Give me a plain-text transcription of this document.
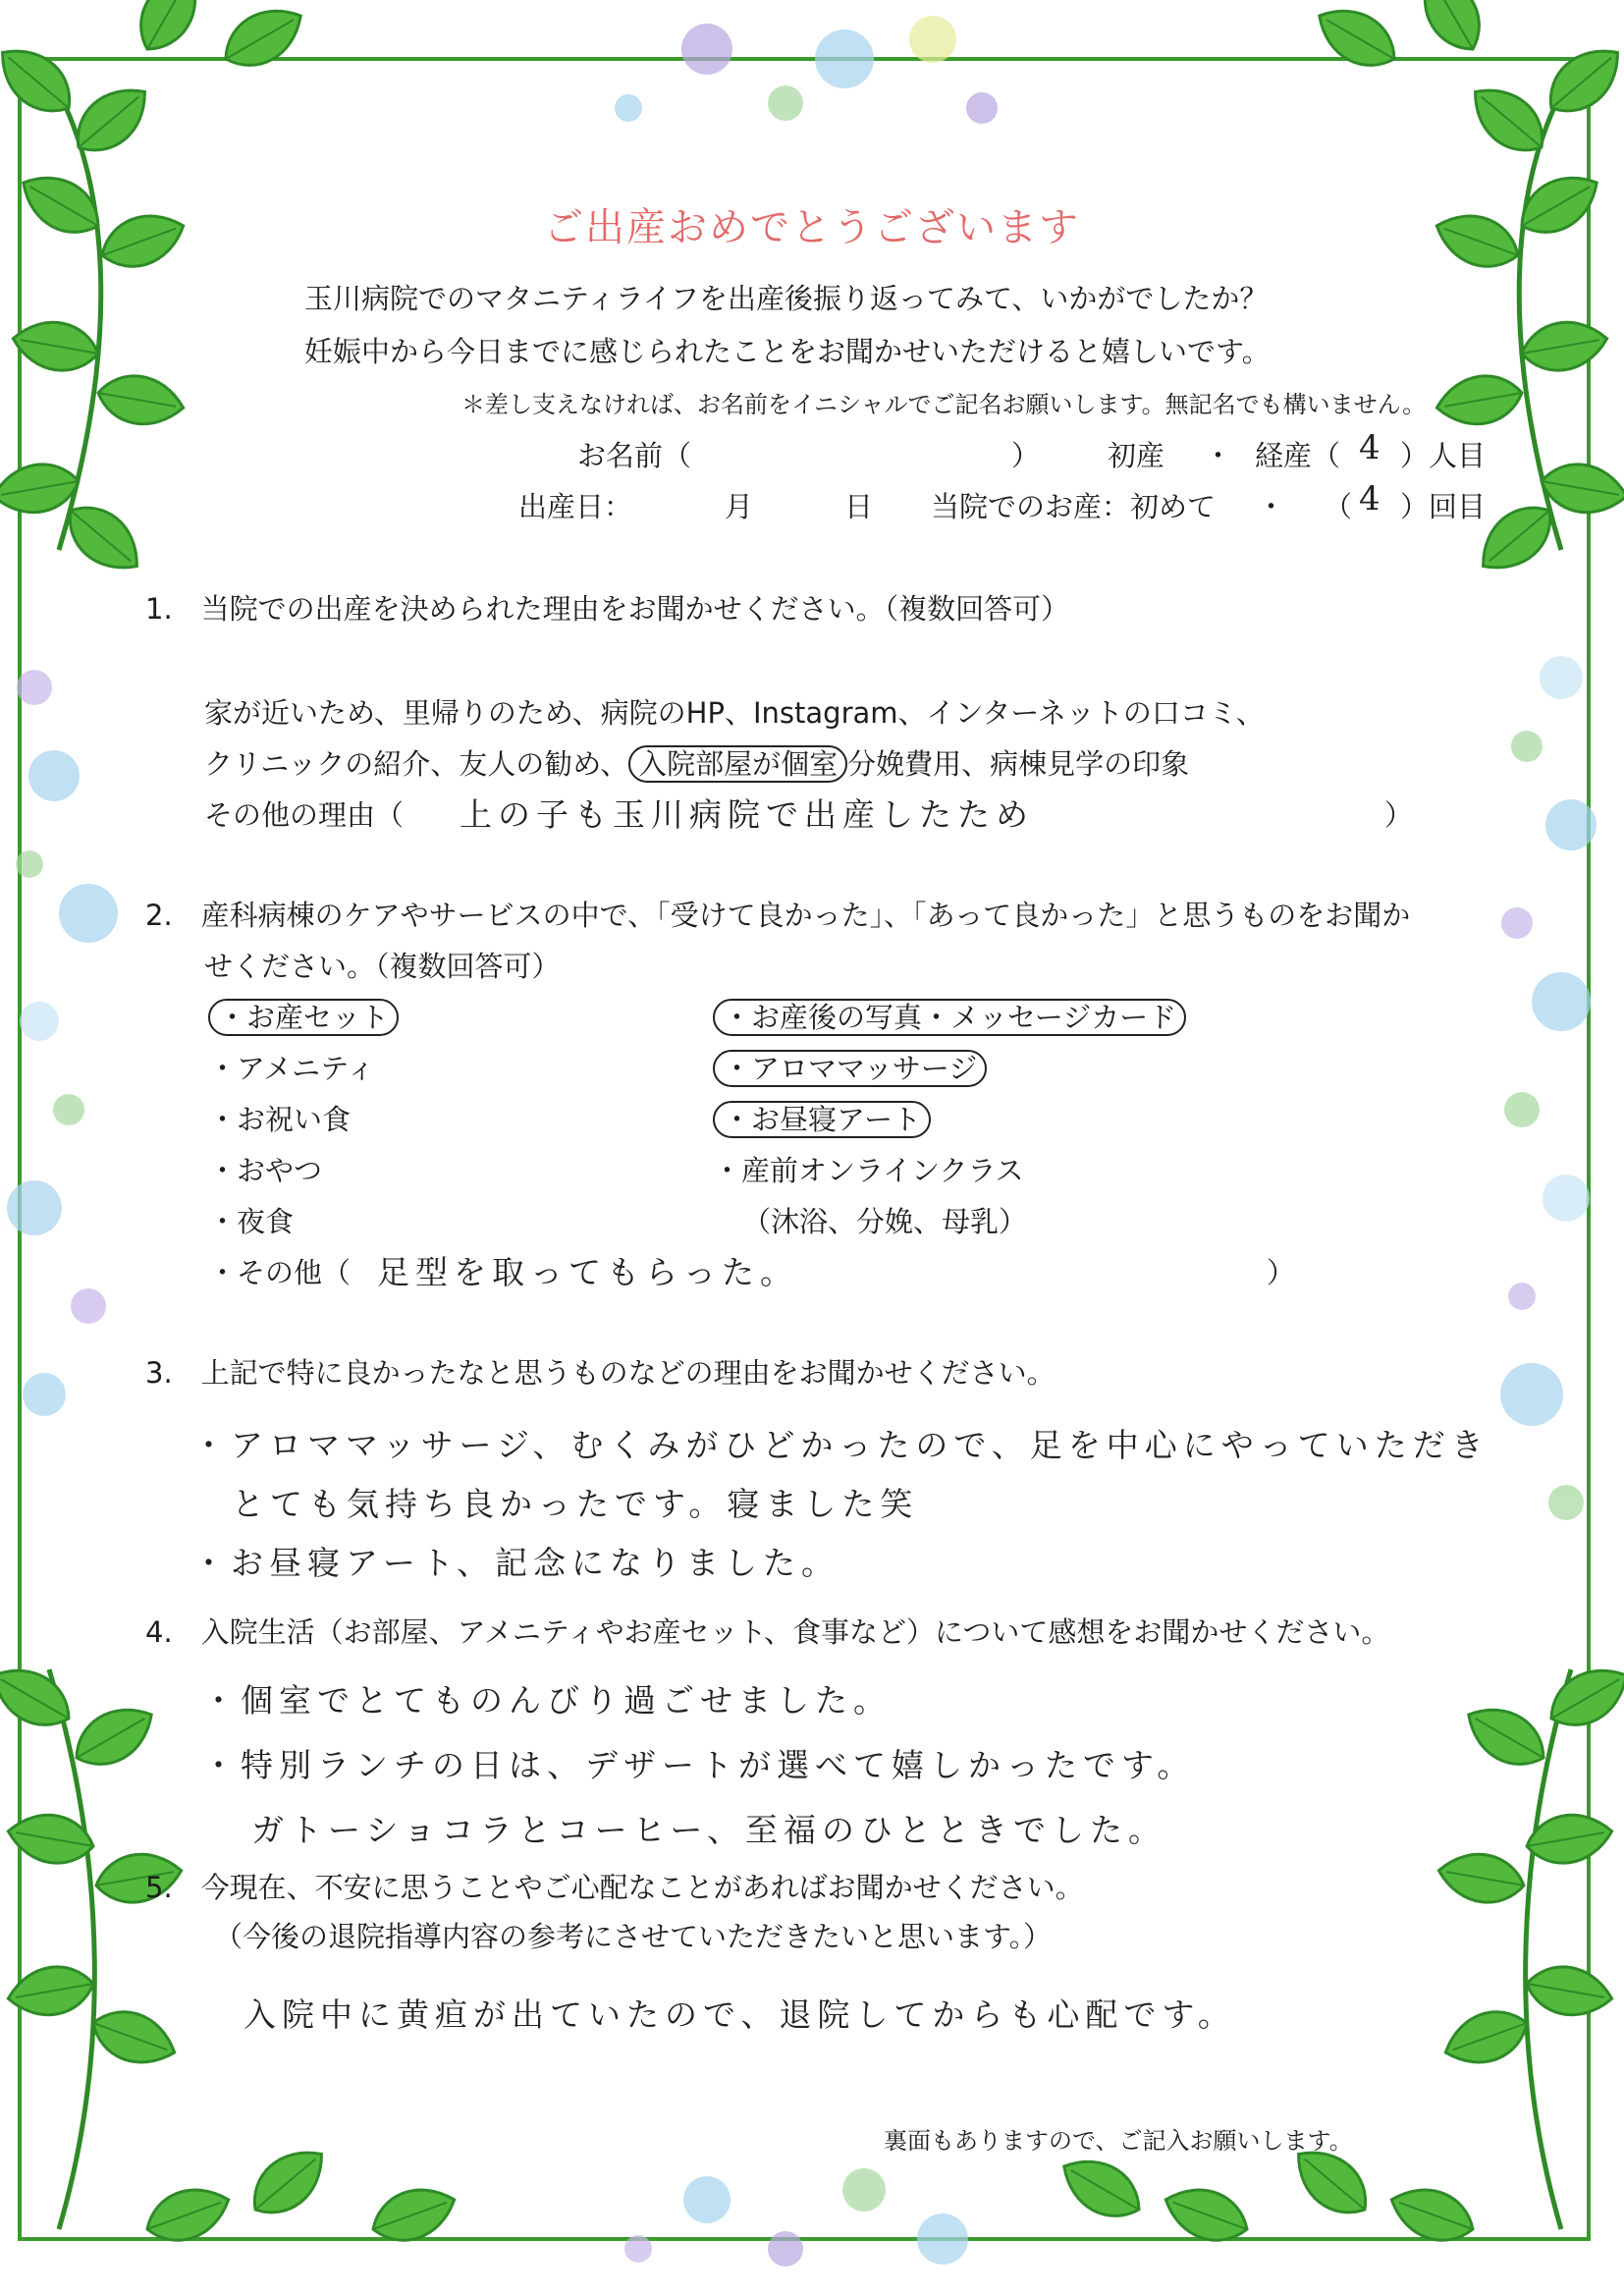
ご出産おめでとうございます
玉川病院でのマタニティライフを出産後振り返ってみて、いかがでしたか？
妊娠中から今日までに感じられたことをお聞かせいただけると嬉しいです。
＊差し支えなければ、お名前をイニシャルでご記名お願いします。無記名でも構いません。
お名前（	） 初産 ・ 経産（ 4 ）人目
出産日：	月	日 当院でのお産：初めて ・ （ 4 ）回目
1.　当院での出産を決められた理由をお聞かせください。（複数回答可）
家が近いため、里帰りのため、病院のHP、Instagram、インターネットの口コミ、
クリニックの紹介、友人の勧め、 入院部屋が個室 分娩費用、病棟見学の印象
その他の理由（ 上の子も玉川病院で出産したため	）
2.　産科病棟のケアやサービスの中で、「受けて良かった」、「あって良かった」と思うものをお聞か
せください。（複数回答可）
・お産セット
・アメニティ
・お祝い食
・おやつ
・夜食
・お産後の写真・メッセージカード
・アロママッサージ
・お昼寝アート
・産前オンラインクラス
（沐浴、分娩、母乳）
・その他（ 足型を取ってもらった。	）
3.　上記で特に良かったなと思うものなどの理由をお聞かせください。
・アロママッサージ、むくみがひどかったので、足を中心にやっていただき
とても気持ち良かったです。寝ました笑
・お昼寝アート、記念になりました。
4.　入院生活（お部屋、アメニティやお産セット、食事など）について感想をお聞かせください。
・個室でとてものんびり過ごせました。
・特別ランチの日は、デザートが選べて嬉しかったです。
ガトーショコラとコーヒー、至福のひとときでした。
5.　今現在、不安に思うことやご心配なことがあればお聞かせください。
（今後の退院指導内容の参考にさせていただきたいと思います。）
入院中に黄疸が出ていたので、退院してからも心配です。
裏面もありますので、ご記入お願いします。
